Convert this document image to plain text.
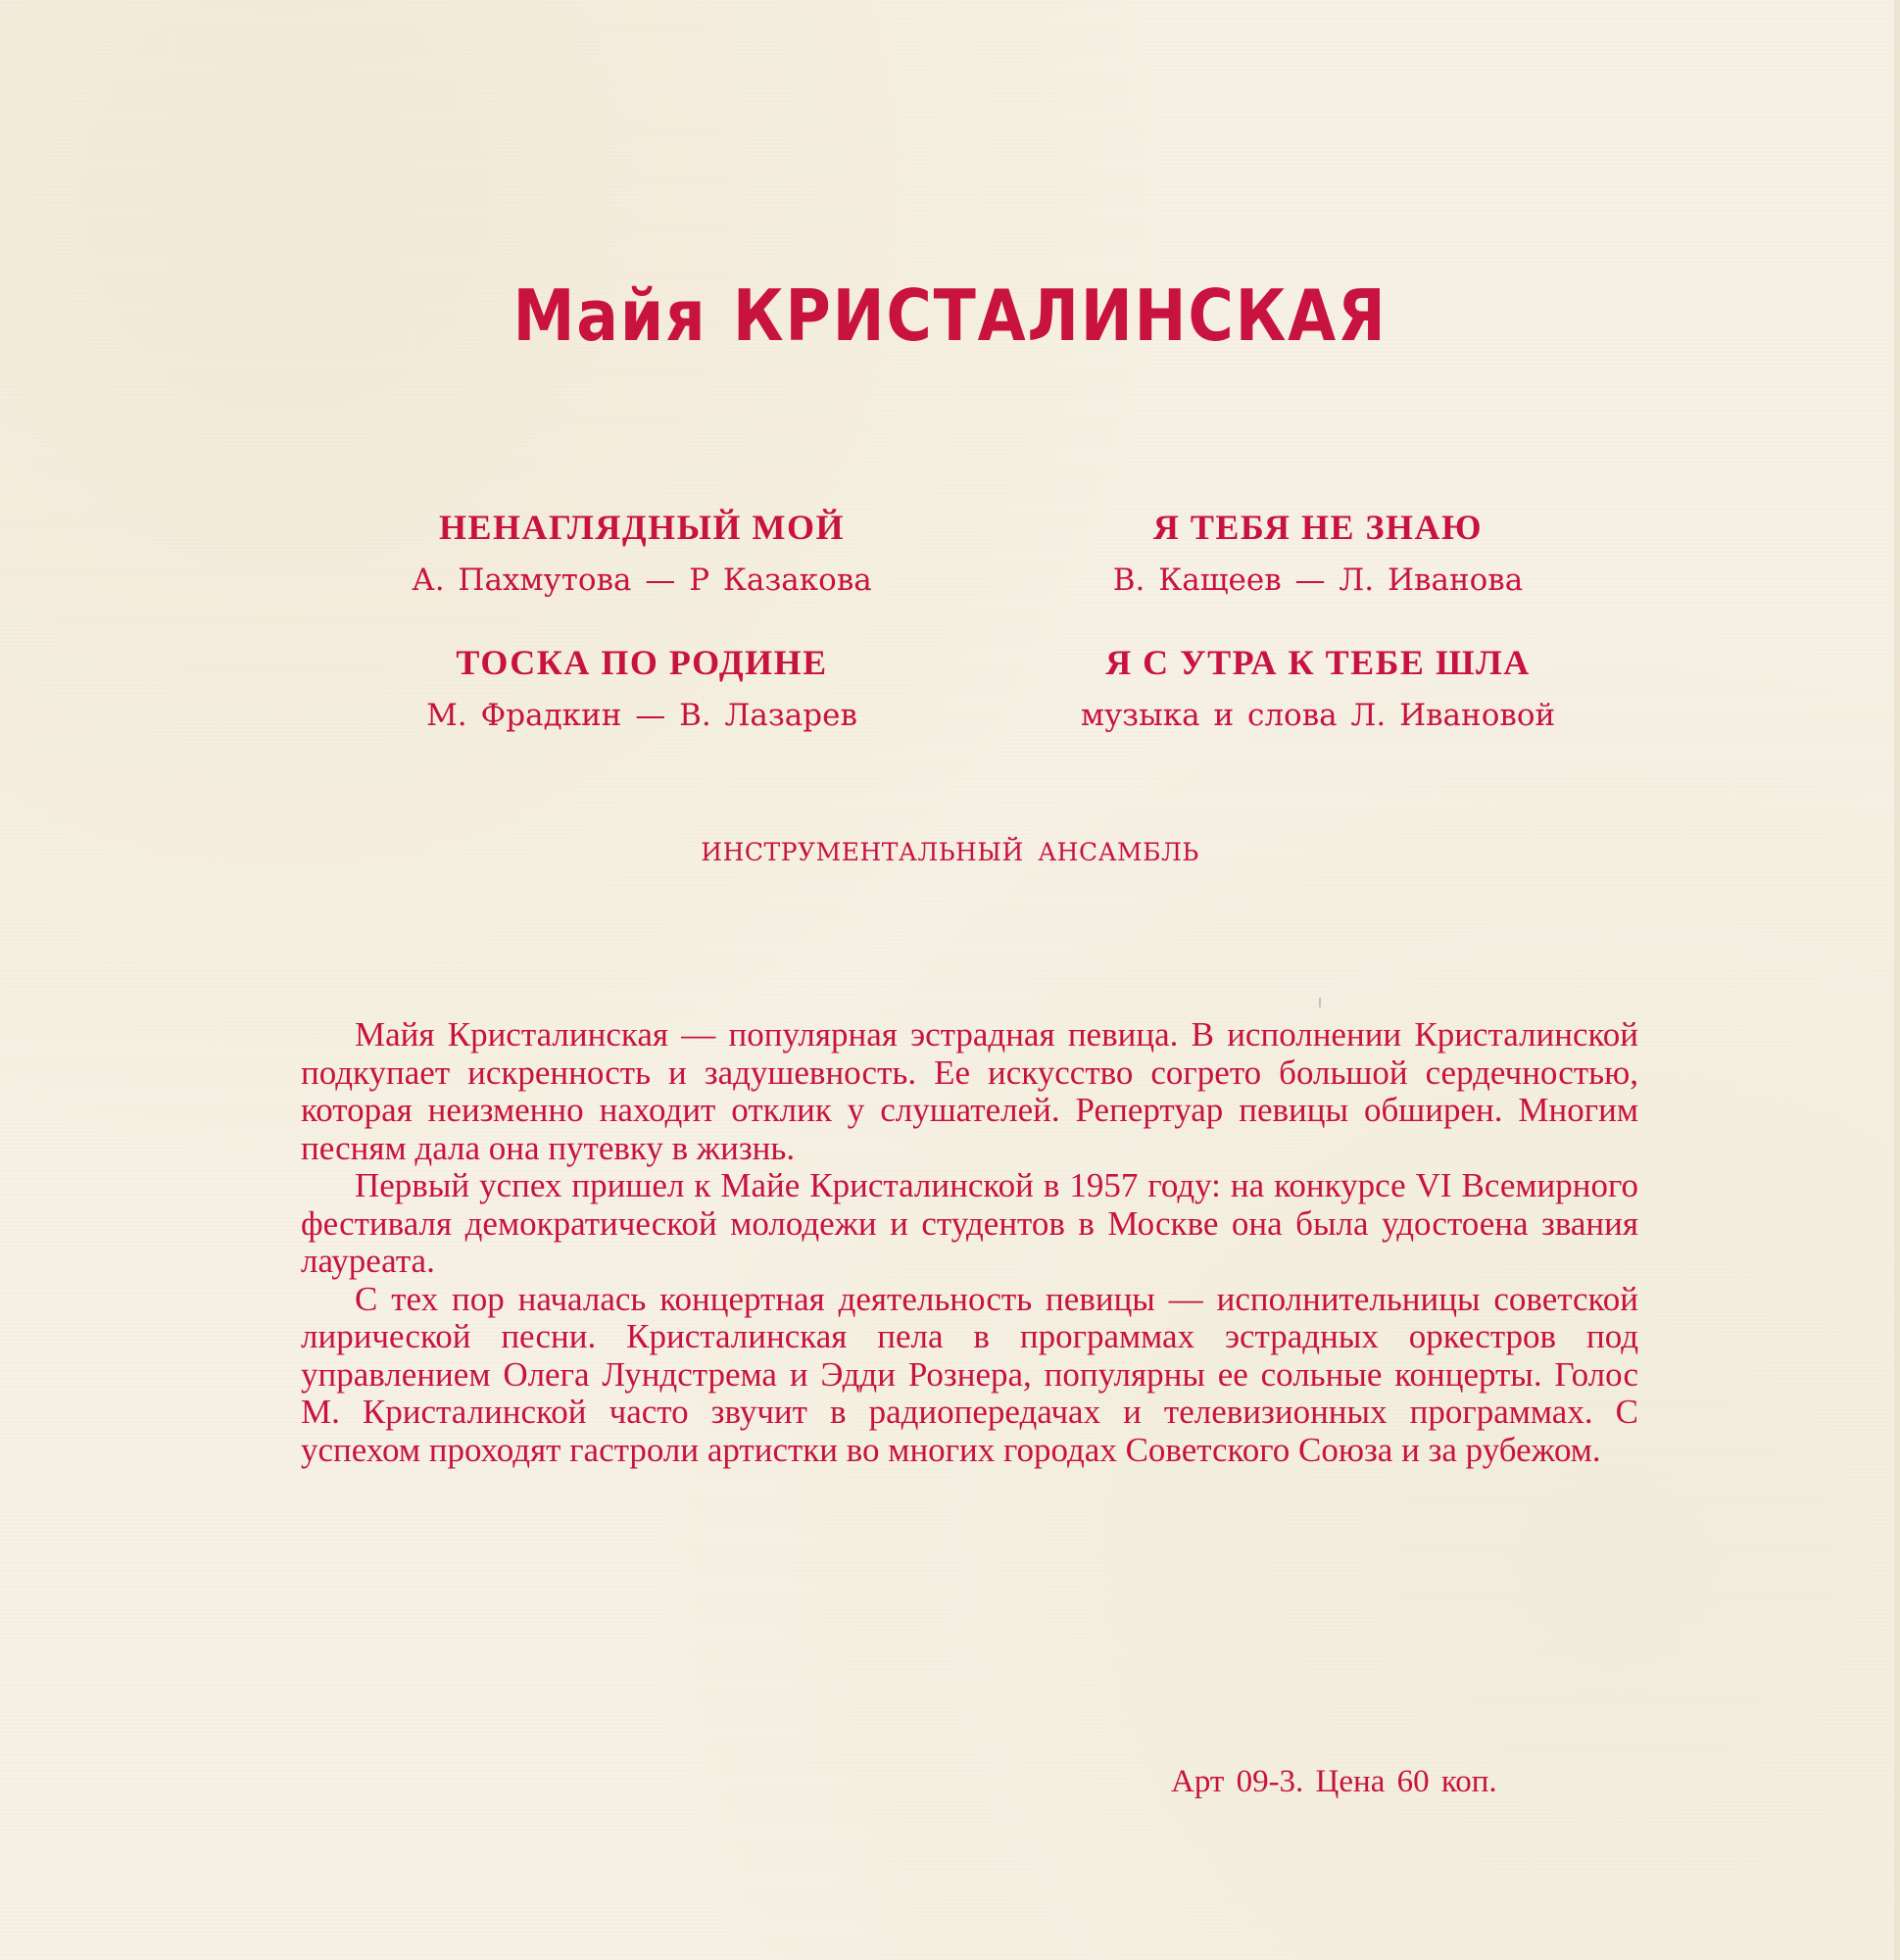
Майя КРИСТАЛИНСКАЯ
НЕНАГЛЯДНЫЙ МОЙ
А. Пахмутова — Р Казакова
Я ТЕБЯ НЕ ЗНАЮ
В. Кащеев — Л. Иванова
ТОСКА ПО РОДИНЕ
М. Фрадкин — В. Лазарев
Я С УТРА К ТЕБЕ ШЛА
музыка и слова Л. Ивановой
ИНСТРУМЕНТАЛЬНЫЙ АНСАМБЛЬ

Майя Кристалинская — популярная эстрадная певица. В исполнении Кристалинской подкупает искренность и задушевность. Ее искусство согрето большой сердечностью, которая неизменно находит отклик у слушателей. Репертуар певицы обширен. Многим песням дала она путевку в жизнь.

Первый успех пришел к Майе Кристалинской в 1957 году: на конкурсе VI Всемирного фестиваля демократической молодежи и студентов в Москве она была удостоена звания лауреата.

С тех пор началась концертная деятельность певицы — исполнительницы советской лирической песни. Кристалинская пела в программах эстрадных оркестров под управлением Олега Лундстрема и Эдди Рознера, популярны ее сольные концерты. Голос М. Кристалинской часто звучит в радиопередачах и телевизионных программах. С успехом проходят гастроли артистки во многих городах Советского Союза и за рубежом.

Арт 09-3. Цена 60 коп.
